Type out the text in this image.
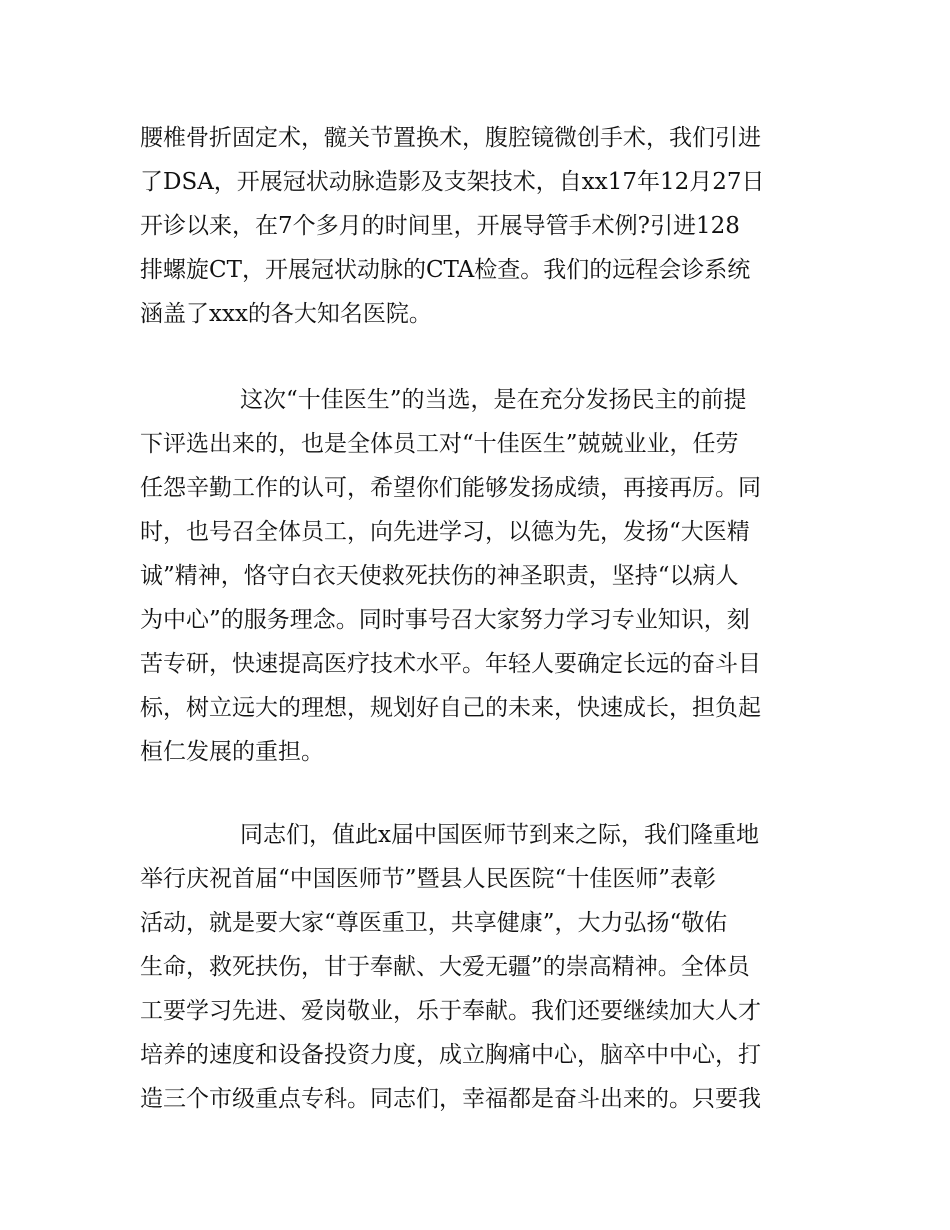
腰椎骨折固定术，髋关节置换术，腹腔镜微创手术，我们引进
了DSA，开展冠状动脉造影及支架技术，自xx17年12月27日
开诊以来，在7个多月的时间里，开展导管手术例?引进128
排螺旋CT，开展冠状动脉的CTA检查。我们的远程会诊系统
涵盖了xxx的各大知名医院。
这次“十佳医生”的当选，是在充分发扬民主的前提
下评选出来的，也是全体员工对“十佳医生”兢兢业业，任劳
任怨辛勤工作的认可，希望你们能够发扬成绩，再接再厉。同
时，也号召全体员工，向先进学习，以德为先，发扬“大医精
诚”精神，恪守白衣天使救死扶伤的神圣职责，坚持“以病人
为中心”的服务理念。同时事号召大家努力学习专业知识，刻
苦专研，快速提高医疗技术水平。年轻人要确定长远的奋斗目
标，树立远大的理想，规划好自己的未来，快速成长，担负起
桓仁发展的重担。
同志们，值此x届中国医师节到来之际，我们隆重地
举行庆祝首届“中国医师节”暨县人民医院“十佳医师”表彰
活动，就是要大家“尊医重卫，共享健康”，大力弘扬“敬佑
生命，救死扶伤，甘于奉献、大爱无疆”的崇高精神。全体员
工要学习先进、爱岗敬业，乐于奉献。我们还要继续加大人才
培养的速度和设备投资力度，成立胸痛中心，脑卒中中心，打
造三个市级重点专科。同志们，幸福都是奋斗出来的。只要我
